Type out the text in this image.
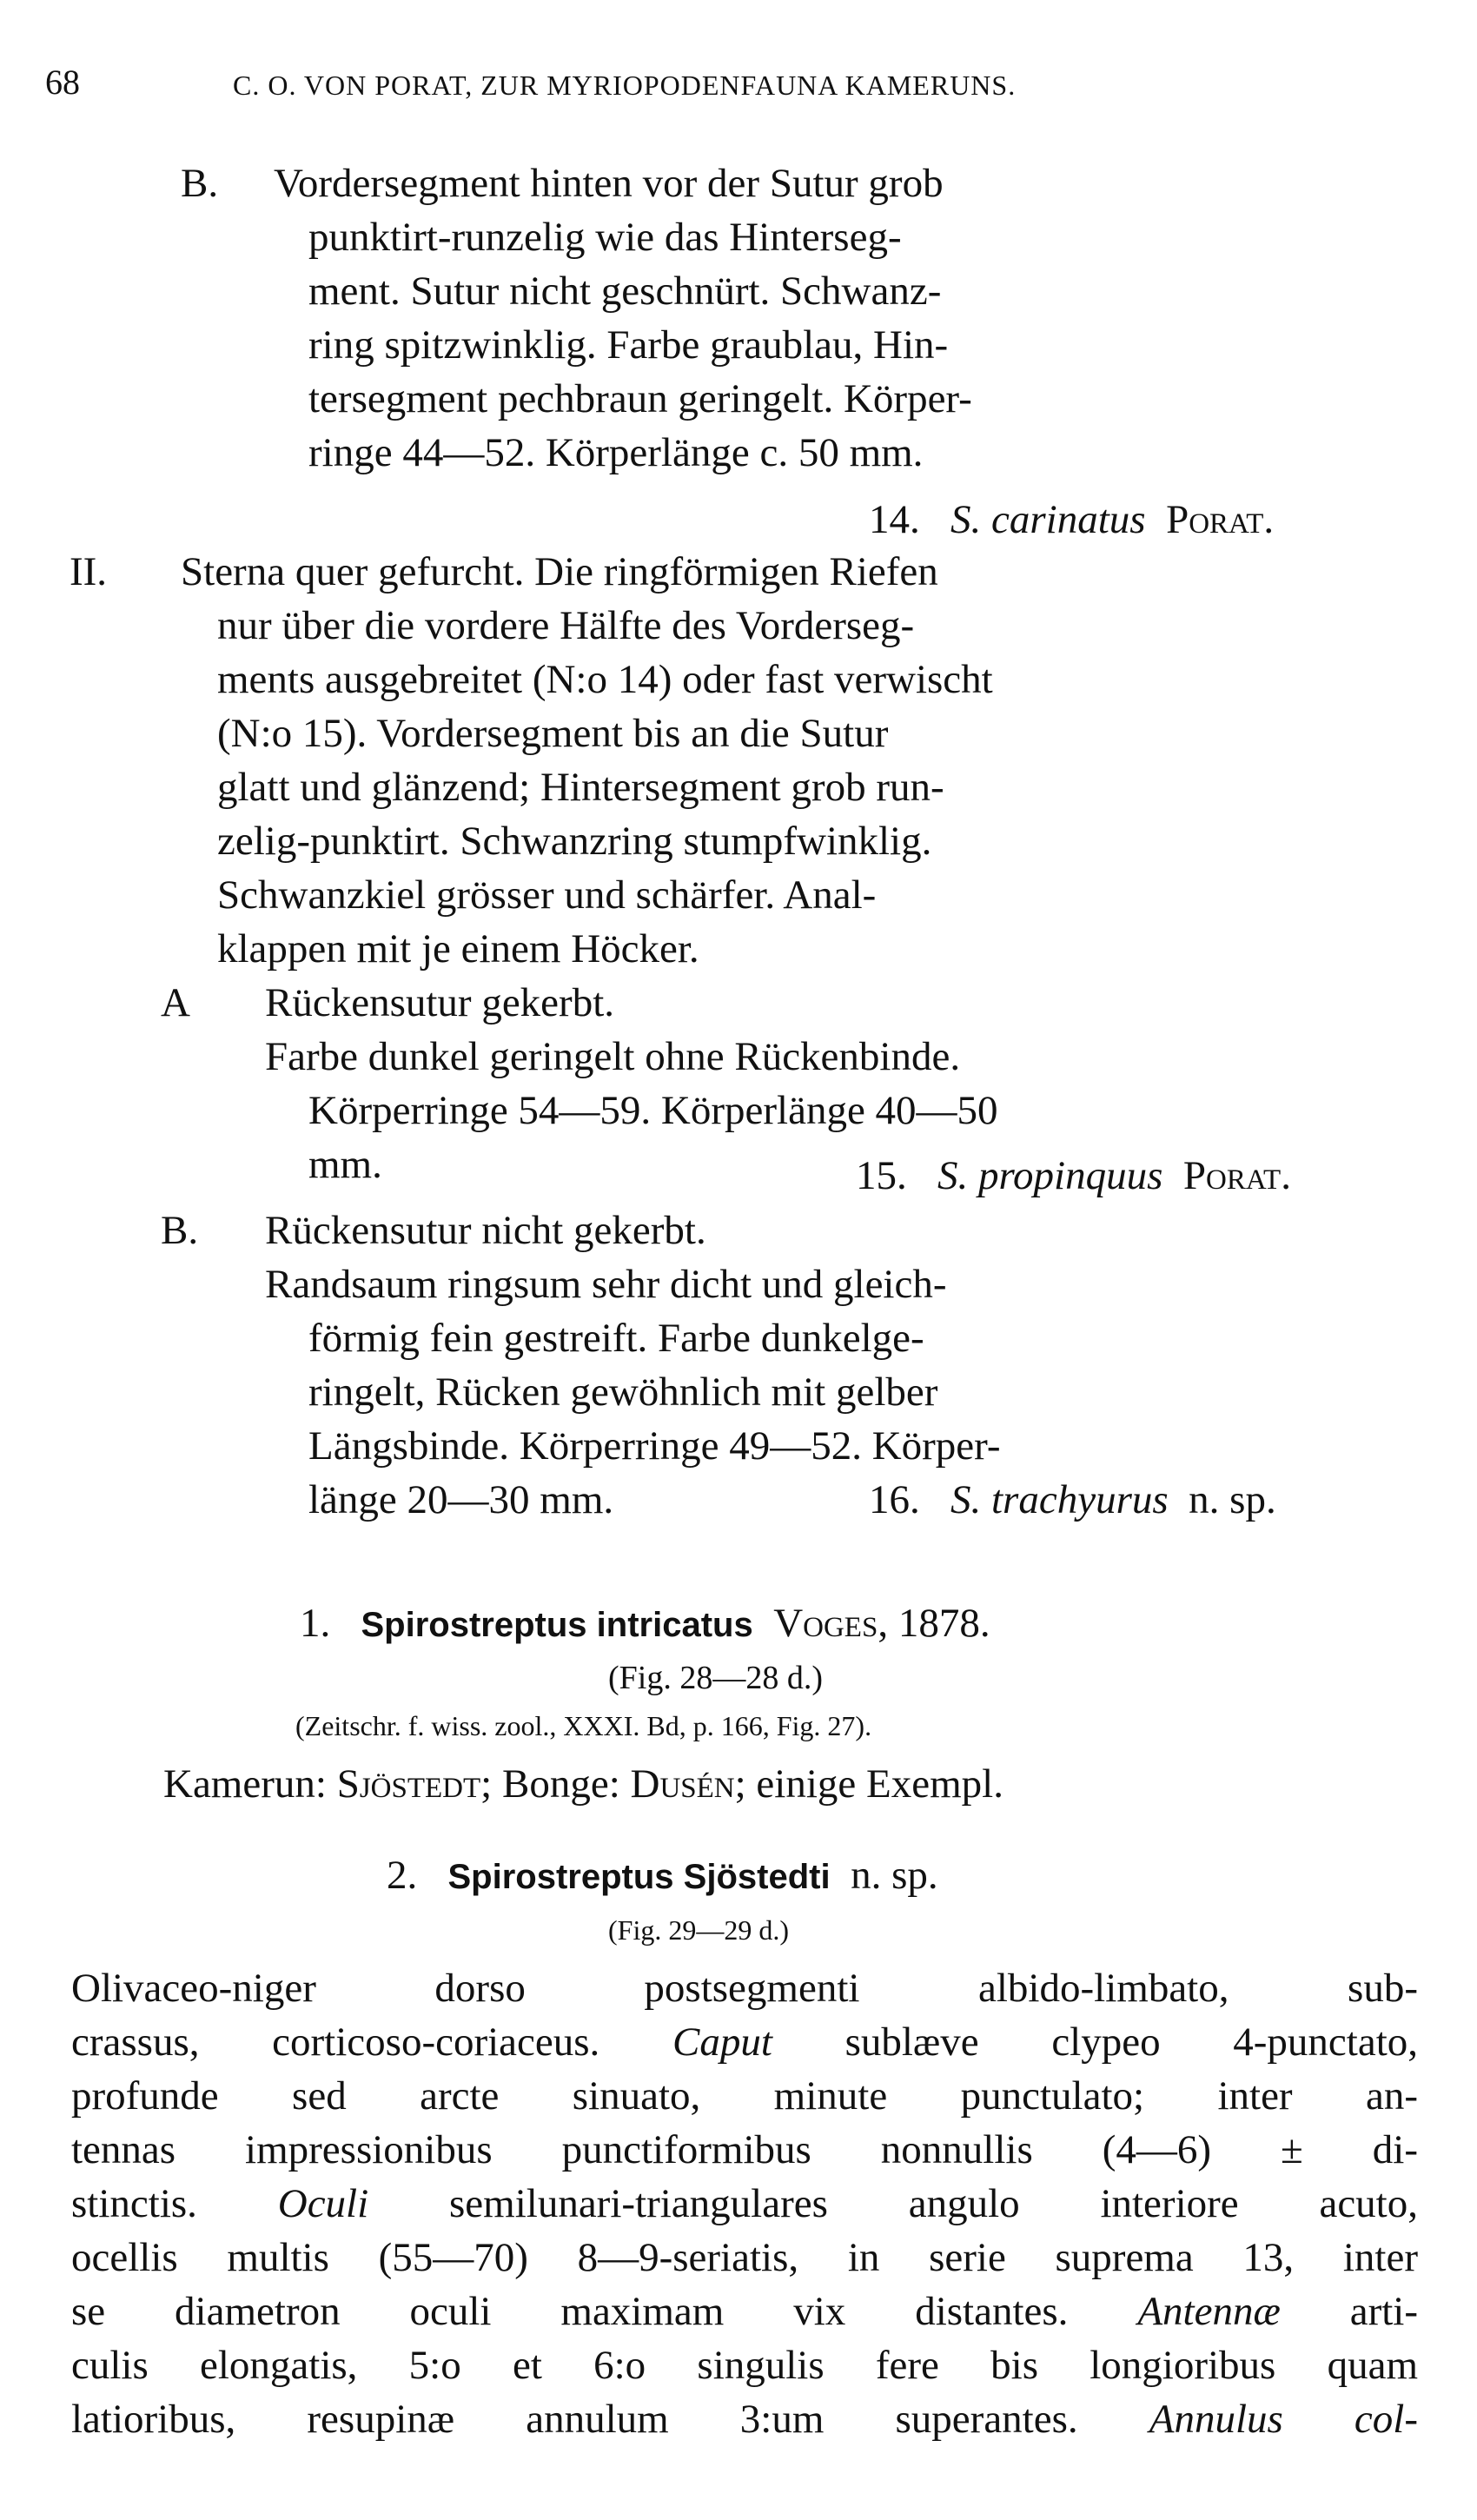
68	C. O. VON PORAT, ZUR MYRIOPODENFAUNA KAMERUNS.
B. Vordersegment hinten vor der Sutur grob
punktirt-runzelig wie das Hinterseg-
ment. Sutur nicht geschnürt. Schwanz-
ring spitzwinklig. Farbe graublau, Hin-
tersegment pechbraun geringelt. Körper-
ringe 44—52. Körperlänge c. 50 mm.
14. S. carinatus Porat.
II. Sterna quer gefurcht. Die ringförmigen Riefen
nur über die vordere Hälfte des Vorderseg-
ments ausgebreitet (N:o 14) oder fast verwischt
(N:o 15). Vordersegment bis an die Sutur
glatt und glänzend; Hintersegment grob run-
zelig-punktirt. Schwanzring stumpfwinklig.
Schwanzkiel grösser und schärfer. Anal-
klappen mit je einem Höcker.
A Rückensutur gekerbt.
Farbe dunkel geringelt ohne Rückenbinde.
Körperringe 54—59. Körperlänge 40—50
mm.	15. S. propinquus Porat.
B. Rückensutur nicht gekerbt.
Randsaum ringsum sehr dicht und gleich-
förmig fein gestreift. Farbe dunkelge-
ringelt, Rücken gewöhnlich mit gelber
Längsbinde. Körperringe 49—52. Körper-
länge 20—30 mm.	16. S. trachyurus n. sp.
1. Spirostreptus intricatus Voges, 1878.
(Fig. 28—28 d.)
(Zeitschr. f. wiss. zool., XXXI. Bd, p. 166, Fig. 27).
Kamerun: Sjöstedt; Bonge: Dusén; einige Exempl.
2. Spirostreptus Sjöstedti n. sp.
(Fig. 29—29 d.)
Olivaceo-niger dorso postsegmenti albido-limbato, sub-
crassus, corticoso-coriaceus. Caput sublæve clypeo 4-punctato,
profunde sed arcte sinuato, minute punctulato; inter an-
tennas impressionibus punctiformibus nonnullis (4—6) ± di-
stinctis. Oculi semilunari-triangulares angulo interiore acuto,
ocellis multis (55—70) 8—9-seriatis, in serie suprema 13, inter
se diametron oculi maximam vix distantes. Antennæ arti-
culis elongatis, 5:o et 6:o singulis fere bis longioribus quam
latioribus, resupinæ annulum 3:um superantes. Annulus col-
